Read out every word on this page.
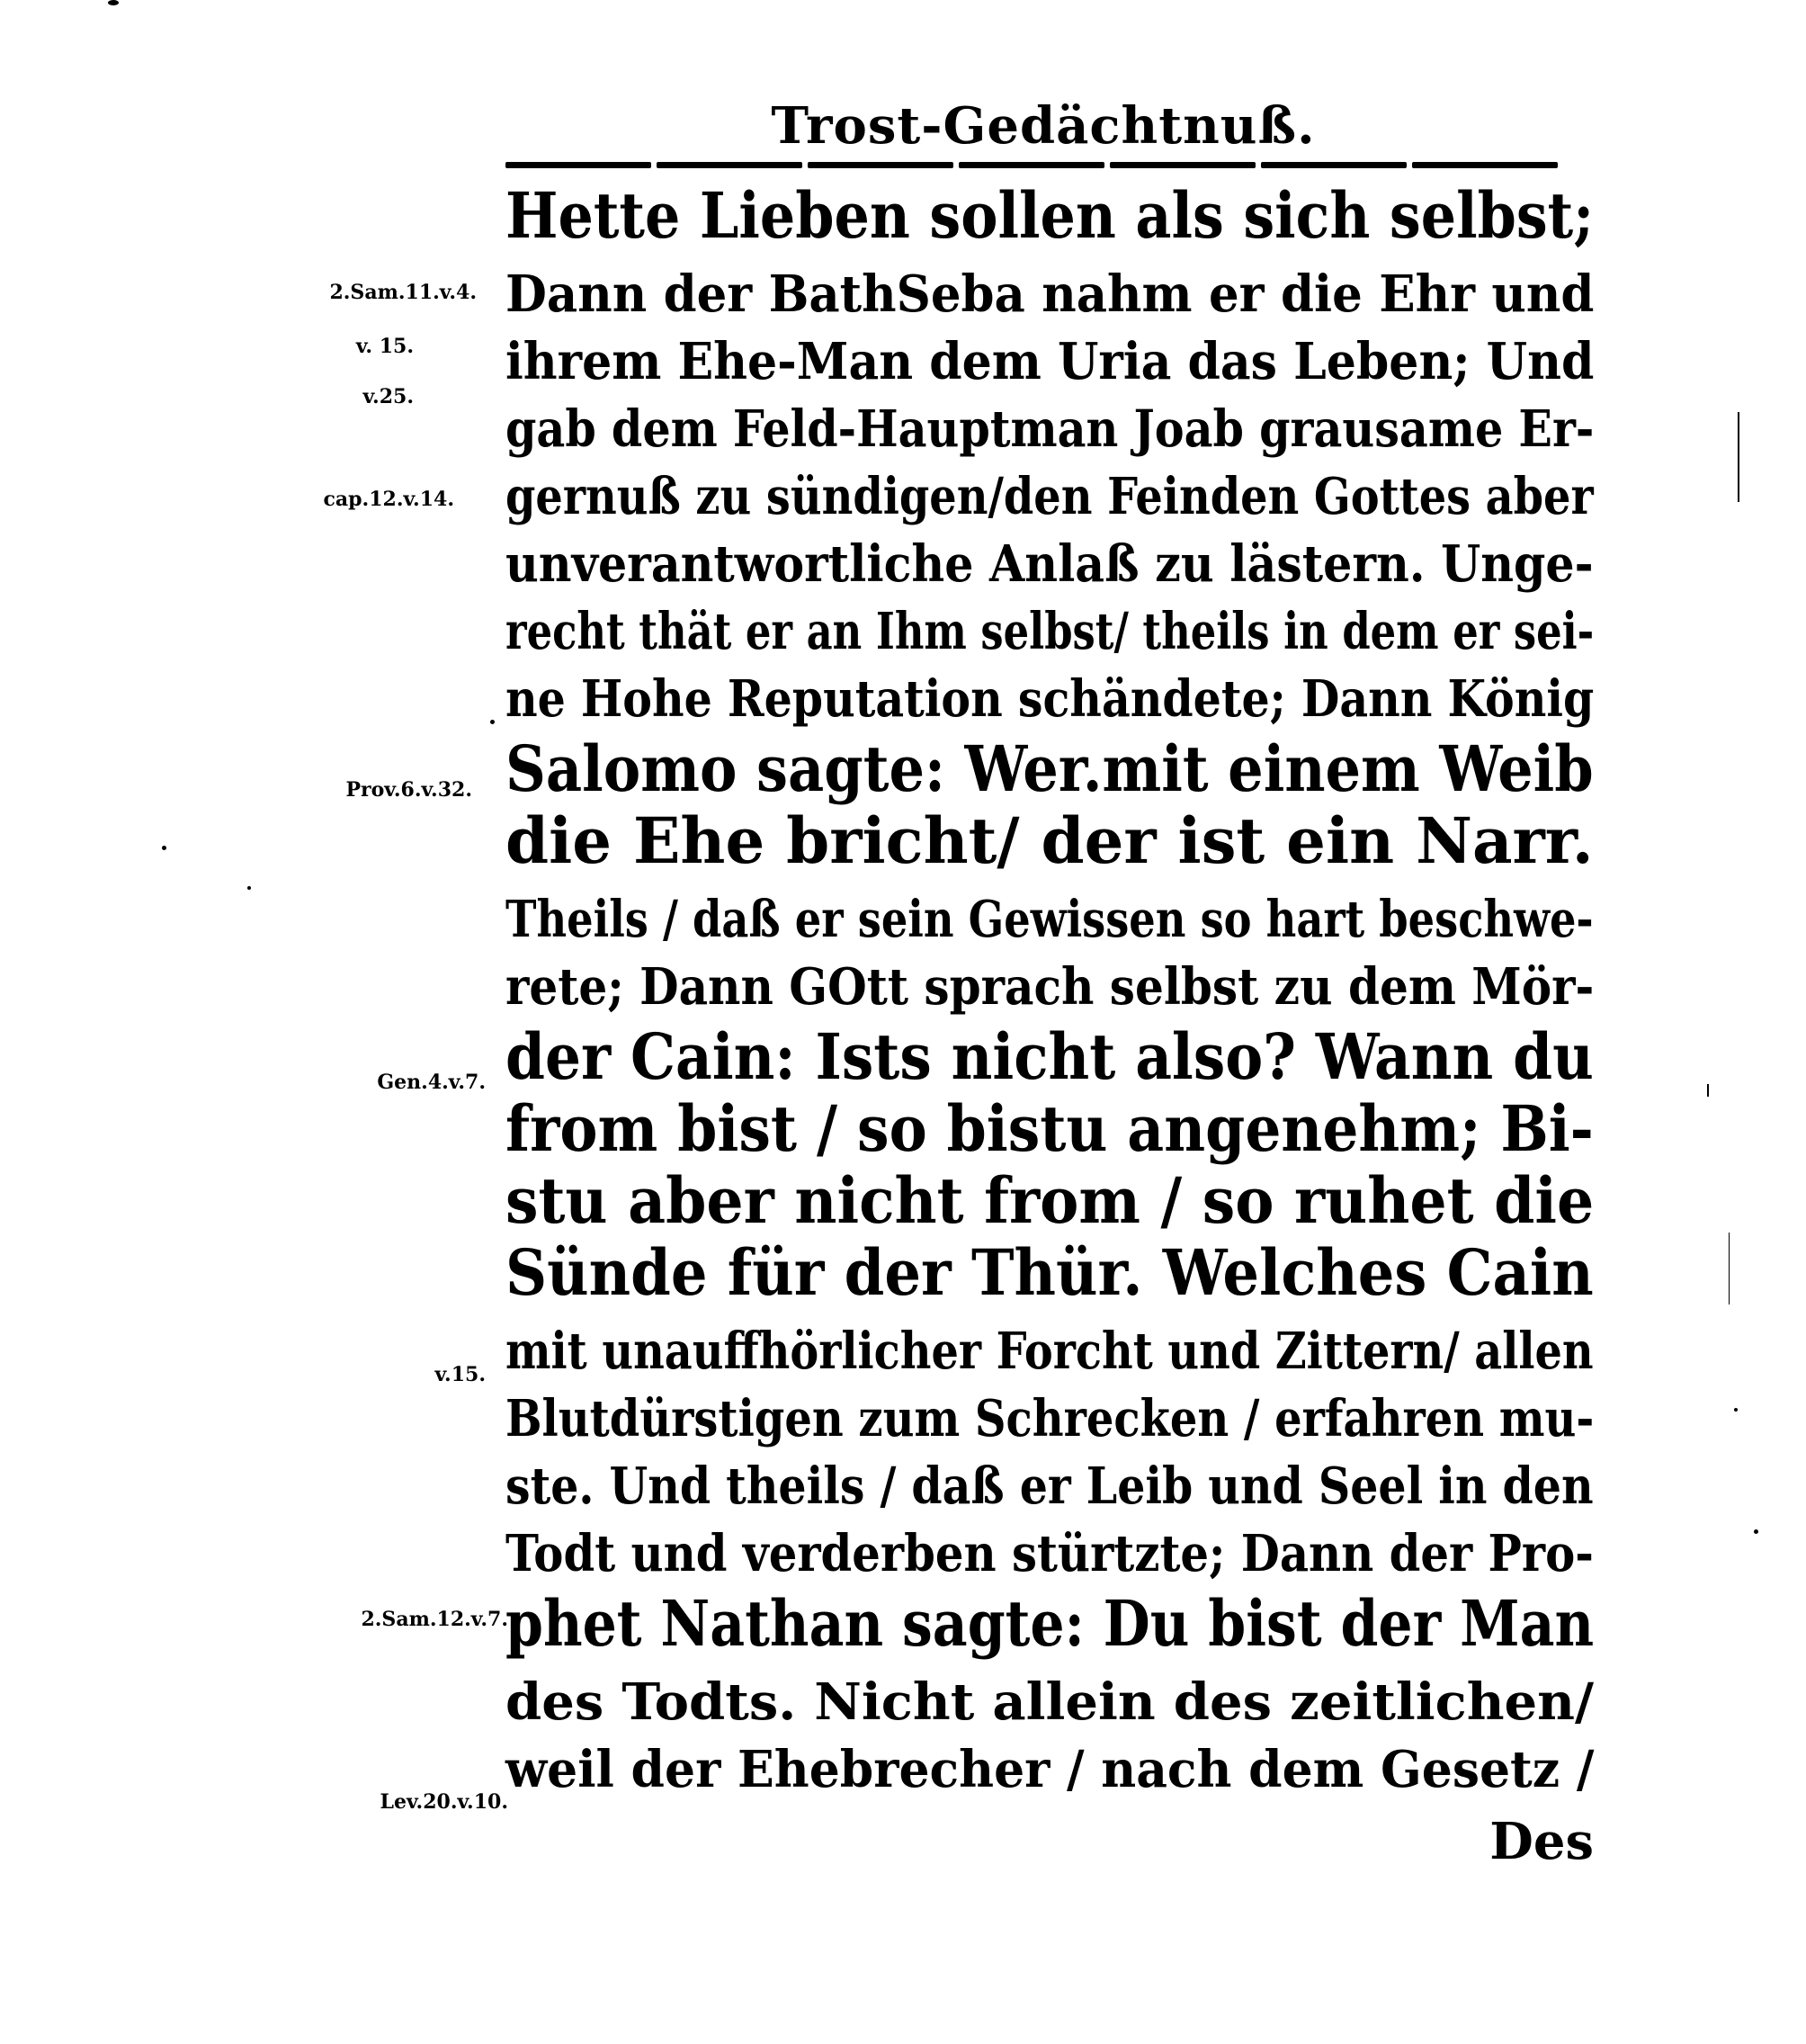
Trost-Gedächtnuß.
Hette Lieben sollen als sich selbst;
Dann der BathSeba nahm er die Ehr und
ihrem Ehe-Man dem Uria das Leben; Und
gab dem Feld-Hauptman Joab grausame Er-
gernuß zu sündigen/den Feinden Gottes aber
unverantwortliche Anlaß zu lästern. Unge-
recht thät er an Ihm selbst/ theils in dem er sei-
ne Hohe Reputation schändete; Dann König
Salomo sagte: Wer.mit einem Weib
die Ehe bricht/ der ist ein Narr.
Theils / daß er sein Gewissen so hart beschwe-
rete; Dann GOtt sprach selbst zu dem Mör-
der Cain: Ists nicht also? Wann du
from bist / so bistu angenehm; Bi-
stu aber nicht from / so ruhet die
Sünde für der Thür. Welches Cain
mit unauffhörlicher Forcht und Zittern/ allen
Blutdürstigen zum Schrecken / erfahren mu-
ste. Und theils / daß er Leib und Seel in den
Todt und verderben stürtzte; Dann der Pro-
phet Nathan sagte: Du bist der Man
des Todts. Nicht allein des zeitlichen/
weil der Ehebrecher / nach dem Gesetz /
Des
2.Sam.11.v.4.
v. 15.
v.25.
cap.12.v.14.
Prov.6.v.32.
Gen.4.v.7.
v.15.
2.Sam.12.v.7.
Lev.20.v.10.
